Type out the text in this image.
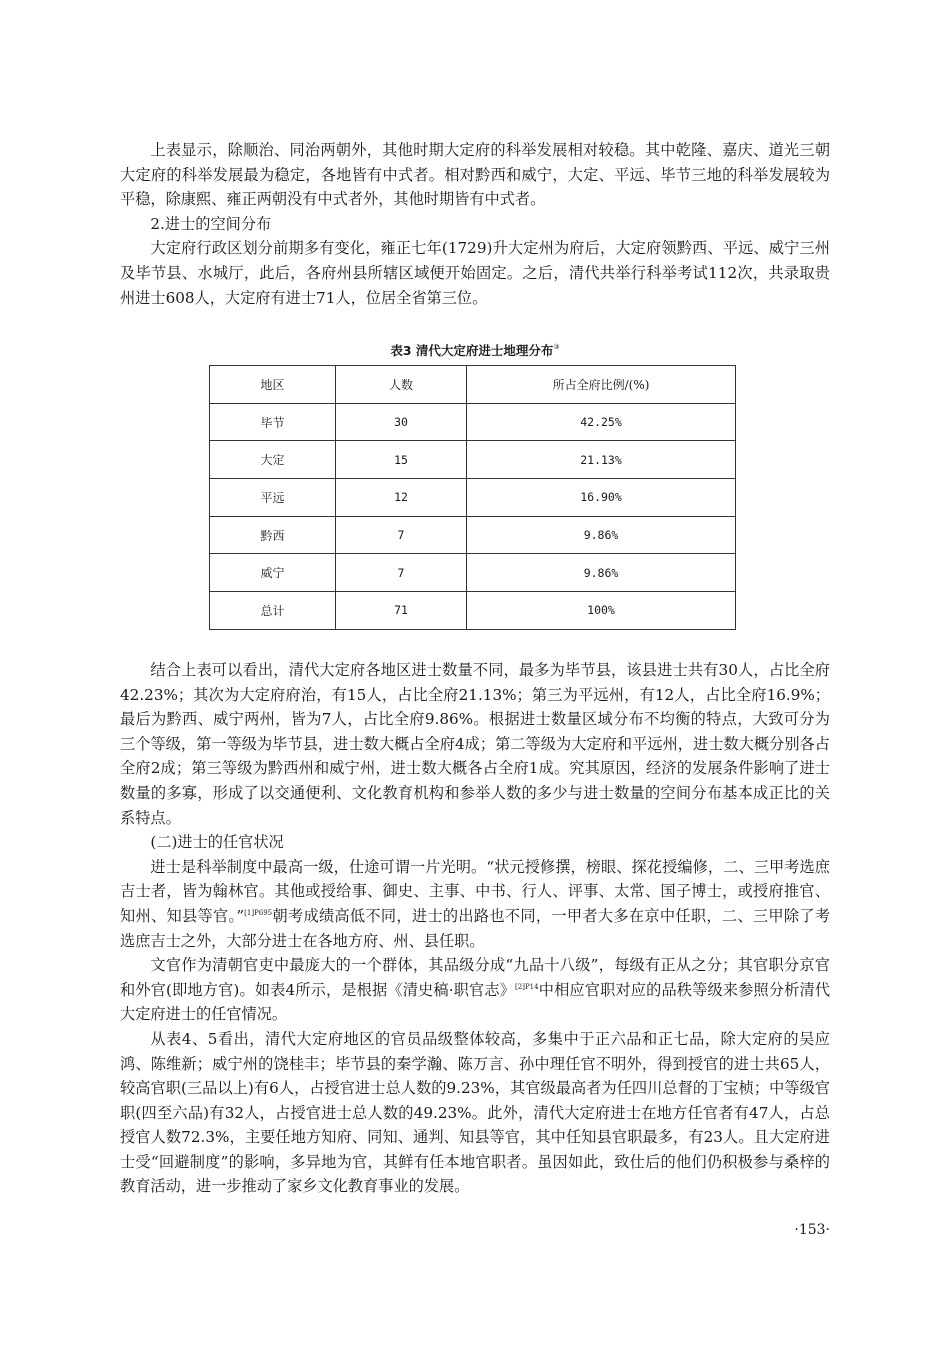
上表显示，除顺治、同治两朝外，其他时期大定府的科举发展相对较稳。其中乾隆、嘉庆、道光三朝大定府的科举发展最为稳定，各地皆有中式者。相对黔西和威宁，大定、平远、毕节三地的科举发展较为平稳，除康熙、雍正两朝没有中式者外，其他时期皆有中式者。

2.进士的空间分布

大定府行政区划分前期多有变化，雍正七年(1729)升大定州为府后，大定府领黔西、平远、威宁三州及毕节县、水城厅，此后，各府州县所辖区域便开始固定。之后，清代共举行科举考试112次，共录取贵州进士608人，大定府有进士71人，位居全省第三位。

表3 清代大定府进士地理分布③
地区	人数	所占全府比例/(%)
毕节	30	42.25%
大定	15	21.13%
平远	12	16.90%
黔西	7	9.86%
威宁	7	9.86%
总计	71	100%

结合上表可以看出，清代大定府各地区进士数量不同，最多为毕节县，该县进士共有30人，占比全府42.23%；其次为大定府府治，有15人，占比全府21.13%；第三为平远州，有12人，占比全府16.9%；最后为黔西、威宁两州，皆为7人，占比全府9.86%。根据进士数量区域分布不均衡的特点，大致可分为三个等级，第一等级为毕节县，进士数大概占全府4成；第二等级为大定府和平远州，进士数大概分别各占全府2成；第三等级为黔西州和威宁州，进士数大概各占全府1成。究其原因，经济的发展条件影响了进士数量的多寡，形成了以交通便利、文化教育机构和参举人数的多少与进士数量的空间分布基本成正比的关系特点。

(二)进士的任官状况

进士是科举制度中最高一级，仕途可谓一片光明。“状元授修撰，榜眼、探花授编修，二、三甲考选庶吉士者，皆为翰林官。其他或授给事、御史、主事、中书、行人、评事、太常、国子博士，或授府推官、知州、知县等官。”$^{[1]P695}$朝考成绩高低不同，进士的出路也不同，一甲者大多在京中任职，二、三甲除了考选庶吉士之外，大部分进士在各地方府、州、县任职。

文官作为清朝官吏中最庞大的一个群体，其品级分成“九品十八级”，每级有正从之分；其官职分京官和外官(即地方官)。如表4所示，是根据《清史稿·职官志》$^{[2]P14}$中相应官职对应的品秩等级来参照分析清代大定府进士的任官情况。

从表4、5看出，清代大定府地区的官员品级整体较高，多集中于正六品和正七品，除大定府的吴应鸿、陈维新；威宁州的饶桂丰；毕节县的秦学瀚、陈万言、孙中理任官不明外，得到授官的进士共65人，较高官职(三品以上)有6人，占授官进士总人数的9.23%，其官级最高者为任四川总督的丁宝桢；中等级官职(四至六品)有32人，占授官进士总人数的49.23%。此外，清代大定府进士在地方任官者有47人，占总授官人数72.3%，主要任地方知府、同知、通判、知县等官，其中任知县官职最多，有23人。且大定府进士受“回避制度”的影响，多异地为官，其鲜有任本地官职者。虽因如此，致仕后的他们仍积极参与桑梓的教育活动，进一步推动了家乡文化教育事业的发展。

·153·
